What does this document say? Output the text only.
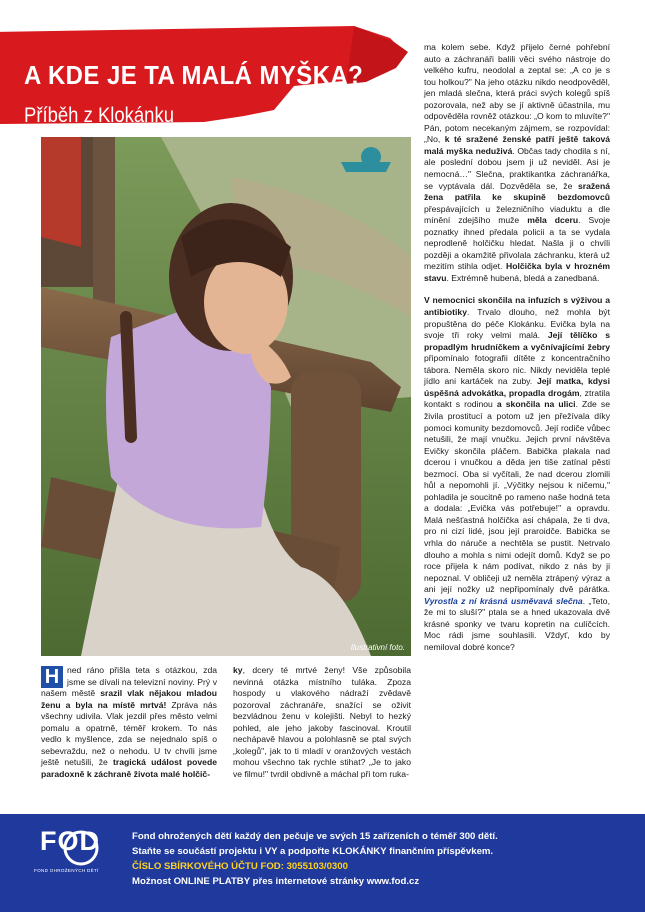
A KDE JE TA MALÁ MYŠKA?
Příběh z Klokánku
Ilustrativní foto.

ma kolem sebe. Když přijelo černé pohřební auto a záchranáři balili věci svého nástroje do velkého kufru, neodolal a zeptal se: „A co je s tou holkou?" Na jeho otázku nikdo neodpověděl, jen mladá slečna, která práci svých kolegů spíš pozorovala, než aby se jí aktivně účastnila, mu odpověděla rovněž otázkou: „O kom to mluvíte?" Pán, potom necekaným zájmem, se rozpovídal: „No, k té sražené ženské patří ještě taková malá myška neduživá. Občas tady chodila s ní, ale poslední dobou jsem ji už neviděl. Asi je nemocná…" Slečna, praktikantka záchranářka, se vyptávala dál. Dozvěděla se, že sražená žena patřila ke skupině bezdomovců přespávajících u železničního viaduktu a dle mínění zdejšího muže měla dceru. Svoje poznatky ihned předala policii a ta se vydala neprodleně holčičku hledat. Našla ji o chvíli později a okamžitě přivolala záchranku, která už mezitím stihla odjet. Holčička byla v hrozném stavu. Extrémně hubená, bledá a zanedbaná.

V nemocnici skončila na infuzích s výživou a antibiotiky. Trvalo dlouho, než mohla být propuštěna do péče Klokánku. Evička byla na svoje tři roky velmi malá. Její tělíčko s propadlým hrudníčkem a vyčnívajícími žebry připomínalo fotografii dítěte z koncentračního tábora. Neměla skoro nic. Nikdy neviděla teplé jídlo ani kartáček na zuby. Její matka, kdysi úspěšná advokátka, propadla drogám, ztratila kontakt s rodinou a skončila na ulici. Zde se živila prostitucí a potom už jen přežívala díky pomoci komunity bezdomovců. Její rodiče vůbec netušili, že mají vnučku. Jejich první návštěva Evičky skončila pláčem. Babička plakala nad dcerou i vnučkou a děda jen tiše zatínal pěsti bezmocí. Oba si vyčítali, že nad dcerou zlomili hůl a nepomohli jí. „Výčitky nejsou k ničemu," pohladila je soucitně po rameno naše hodná teta a dodala: „Evička vás potřebuje!" a opravdu. Malá nešťastná holčička asi chápala, že ti dva, pro ni cizí lidé, jsou její praroidče. Babička se vrhla do náruče a nechtěla se pustit. Netrvalo dlouho a mohla s nimi odejít domů. Když se po roce přijela k nám podívat, nikdo z nás by ji nepoznal. V obličeji už neměla ztrápený výraz a ani její nožky už nepřipomínaly dvě párátka. Vyrostla z ní krásná usměvavá slečna. „Teto, že mi to sluší?" ptala se a hned ukazovala dvě krásné sponky ve tvaru kopretin na culíčcích. Moc rádi jsme souhlasili. Vždyť, kdo by nemiloval dobré konce?

H ned ráno přišla teta s otázkou, zda jsme se dívali na televizní noviny. Prý v našem městě srazil vlak nějakou mladou ženu a byla na místě mrtvá! Zpráva nás všechny udivila. Vlak jezdil přes město velmi pomalu a opatrně, téměř krokem. To nás vedlo k myšlence, zda se nejednalo spíš o sebevraždu, než o nehodu. U tv chvíli jsme ještě netušili, že tragická událost povede paradoxně k záchraně života malé holčič-

ky, dcery té mrtvé ženy! Vše způsobila nevinná otázka místního tuláka. Zpoza hospody u vlakového nádraží zvědavě pozoroval záchranáře, snažící se oživit bezvládnou ženu v kolejišti. Nebyl to hezký pohled, ale jeho jakoby fascinoval. Kroutil nechápavě hlavou a polohlasně se ptal svých „kolegů", jak to ti mladí v oranžových vestách mohou všechno tak rychle stihat? „Je to jako ve filmu!" tvrdil obdivně a máchal při tom ruka-

FOD
FOND OHROŽENÝCH DĚTÍ
Fond ohrožených dětí každý den pečuje ve svých 15 zařízeních o téměř 300 dětí.
Staňte se součástí projektu i VY a podpořte KLOKÁNKY finančním příspěvkem.
ČÍSLO SBÍRKOVÉHO ÚČTU FOD: 3055103/0300
Možnost ONLINE PLATBY přes internetové stránky www.fod.cz
